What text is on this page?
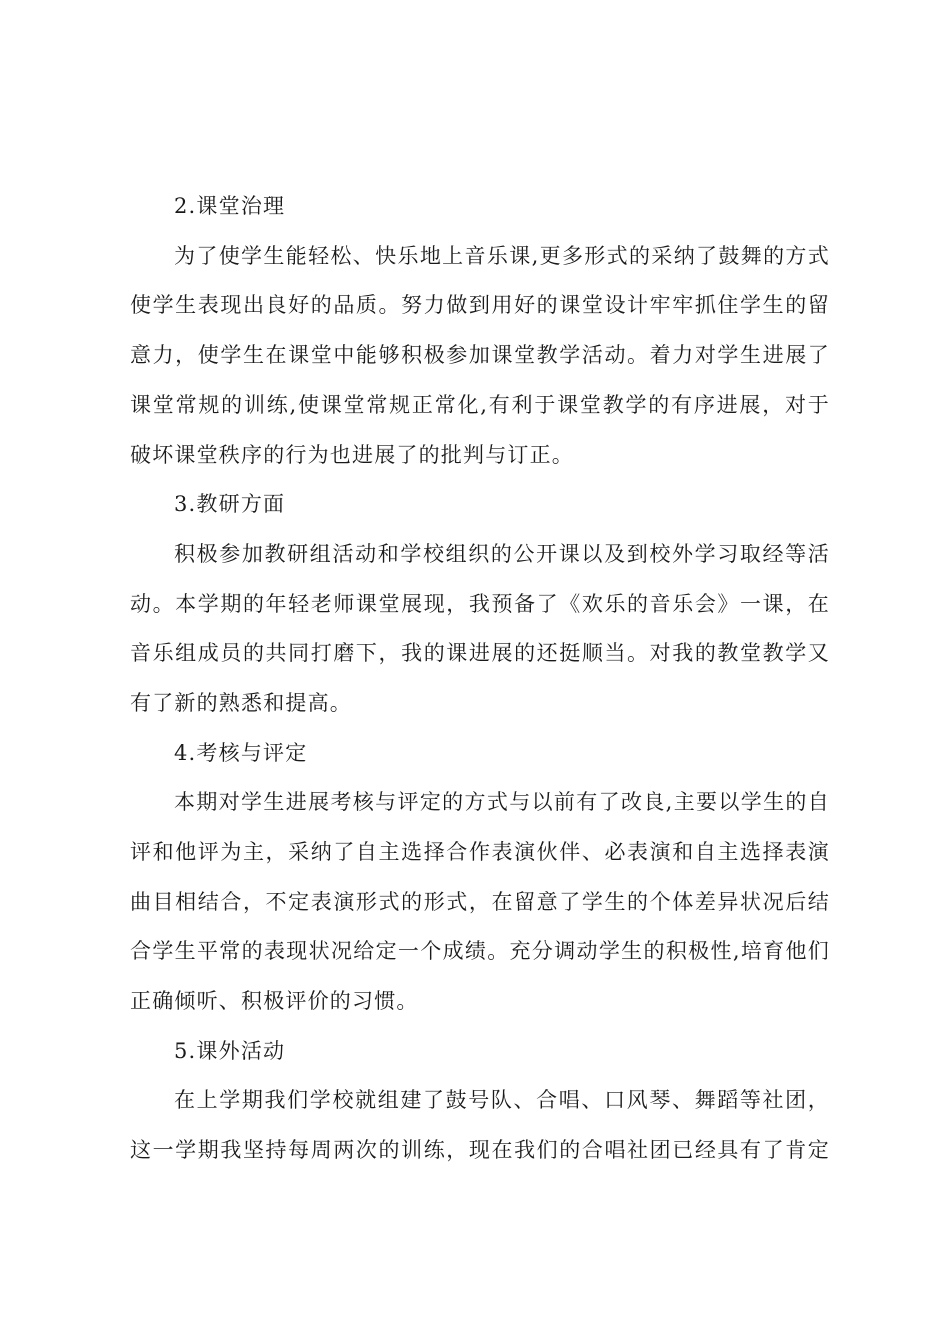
2.课堂治理
为了使学生能轻松、快乐地上音乐课,更多形式的采纳了鼓舞的方式
使学生表现出良好的品质。努力做到用好的课堂设计牢牢抓住学生的留
意力，使学生在课堂中能够积极参加课堂教学活动。着力对学生进展了
课堂常规的训练,使课堂常规正常化,有利于课堂教学的有序进展，对于
破坏课堂秩序的行为也进展了的批判与订正。
3.教研方面
积极参加教研组活动和学校组织的公开课以及到校外学习取经等活
动。本学期的年轻老师课堂展现，我预备了《欢乐的音乐会》一课，在
音乐组成员的共同打磨下，我的课进展的还挺顺当。对我的教堂教学又
有了新的熟悉和提高。
4.考核与评定
本期对学生进展考核与评定的方式与以前有了改良,主要以学生的自
评和他评为主，采纳了自主选择合作表演伙伴、必表演和自主选择表演
曲目相结合，不定表演形式的形式，在留意了学生的个体差异状况后结
合学生平常的表现状况给定一个成绩。充分调动学生的积极性,培育他们
正确倾听、积极评价的习惯。
5.课外活动
在上学期我们学校就组建了鼓号队、合唱、口风琴、舞蹈等社团，
这一学期我坚持每周两次的训练，现在我们的合唱社团已经具有了肯定
